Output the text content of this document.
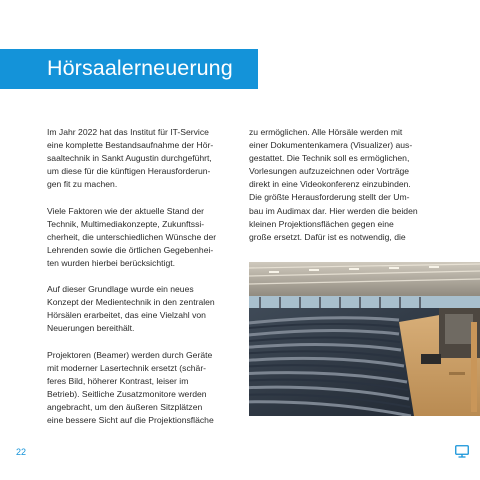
Hörsaalerneuerung

Im Jahr 2022 hat das Institut für IT-Service
eine komplette Bestandsaufnahme der Hör-
saaltechnik in Sankt Augustin durchgeführt,
um diese für die künftigen Herausforderun-
gen fit zu machen.

Viele Faktoren wie der aktuelle Stand der
Technik, Multimediakonzepte, Zukunftssi-
cherheit, die unterschiedlichen Wünsche der
Lehrenden sowie die örtlichen Gegebenhei-
ten wurden hierbei berücksichtigt.

Auf dieser Grundlage wurde ein neues
Konzept der Medientechnik in den zentralen
Hörsälen erarbeitet, das eine Vielzahl von
Neuerungen bereithält.

Projektoren (Beamer) werden durch Geräte
mit moderner Lasertechnik ersetzt (schär-
feres Bild, höherer Kontrast, leiser im
Betrieb). Seitliche Zusatzmonitore werden
angebracht, um den äußeren Sitzplätzen
eine bessere Sicht auf die Projektionsfläche

zu ermöglichen. Alle Hörsäle werden mit
einer Dokumentenkamera (Visualizer) aus-
gestattet. Die Technik soll es ermöglichen,
Vorlesungen aufzuzeichnen oder Vorträge
direkt in eine Videokonferenz einzubinden.
Die größte Herausforderung stellt der Um-
bau im Audimax dar. Hier werden die beiden
kleinen Projektionsflächen gegen eine
große ersetzt. Dafür ist es notwendig, die

22
